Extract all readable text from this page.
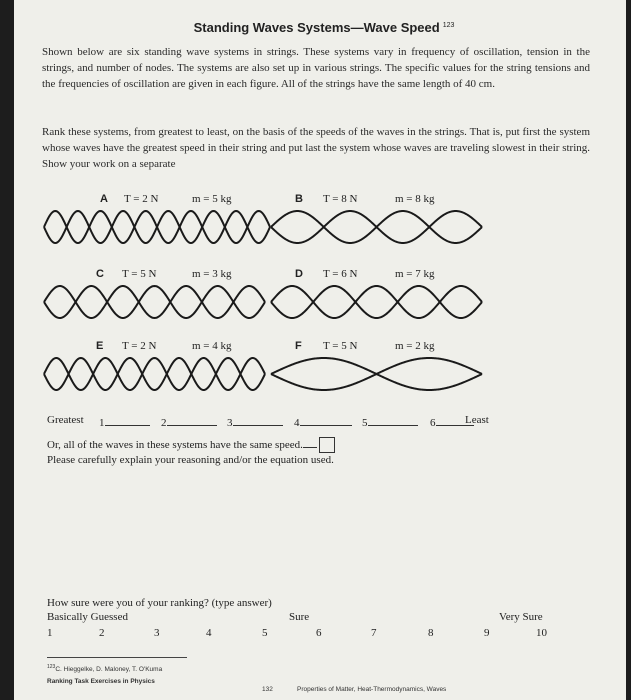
Standing Waves Systems—Wave Speed $^{123}$
Shown below are six standing wave systems in strings. These systems vary in frequency of oscillation, tension in the strings, and number of nodes. The systems are also set up in various strings. The specific values for the string tensions and the frequencies of oscillation are given in each figure. All of the strings have the same length of 40 cm.
Rank these systems, from greatest to least, on the basis of the speeds of the waves in the strings. That is, put first the system whose waves have the greatest speed in their string and put last the system whose waves are traveling slowest in their string. Show your work on a separate
A T = 2 N	m = 5 kg	B T = 8 N	m = 8 kg
C T = 5 N	m = 3 kg	D T = 6 N	m = 7 kg
E T = 2 N	m = 4 kg	F T = 5 N	m = 2 kg
Greatest 1	2	3	4	5	6	Least
Or, all of the waves in these systems have the same speed.
Please carefully explain your reasoning and/or the equation used.
How sure were you of your ranking? (type answer)
Basically Guessed	Sure	Very Sure
1	2	3	4	5	6	7	8	9	10
$^{123}$C. Hieggelke, D. Maloney, T. O'Kuma
Ranking Task Exercises in Physics
132	Properties of Matter, Heat-Thermodynamics, Waves
